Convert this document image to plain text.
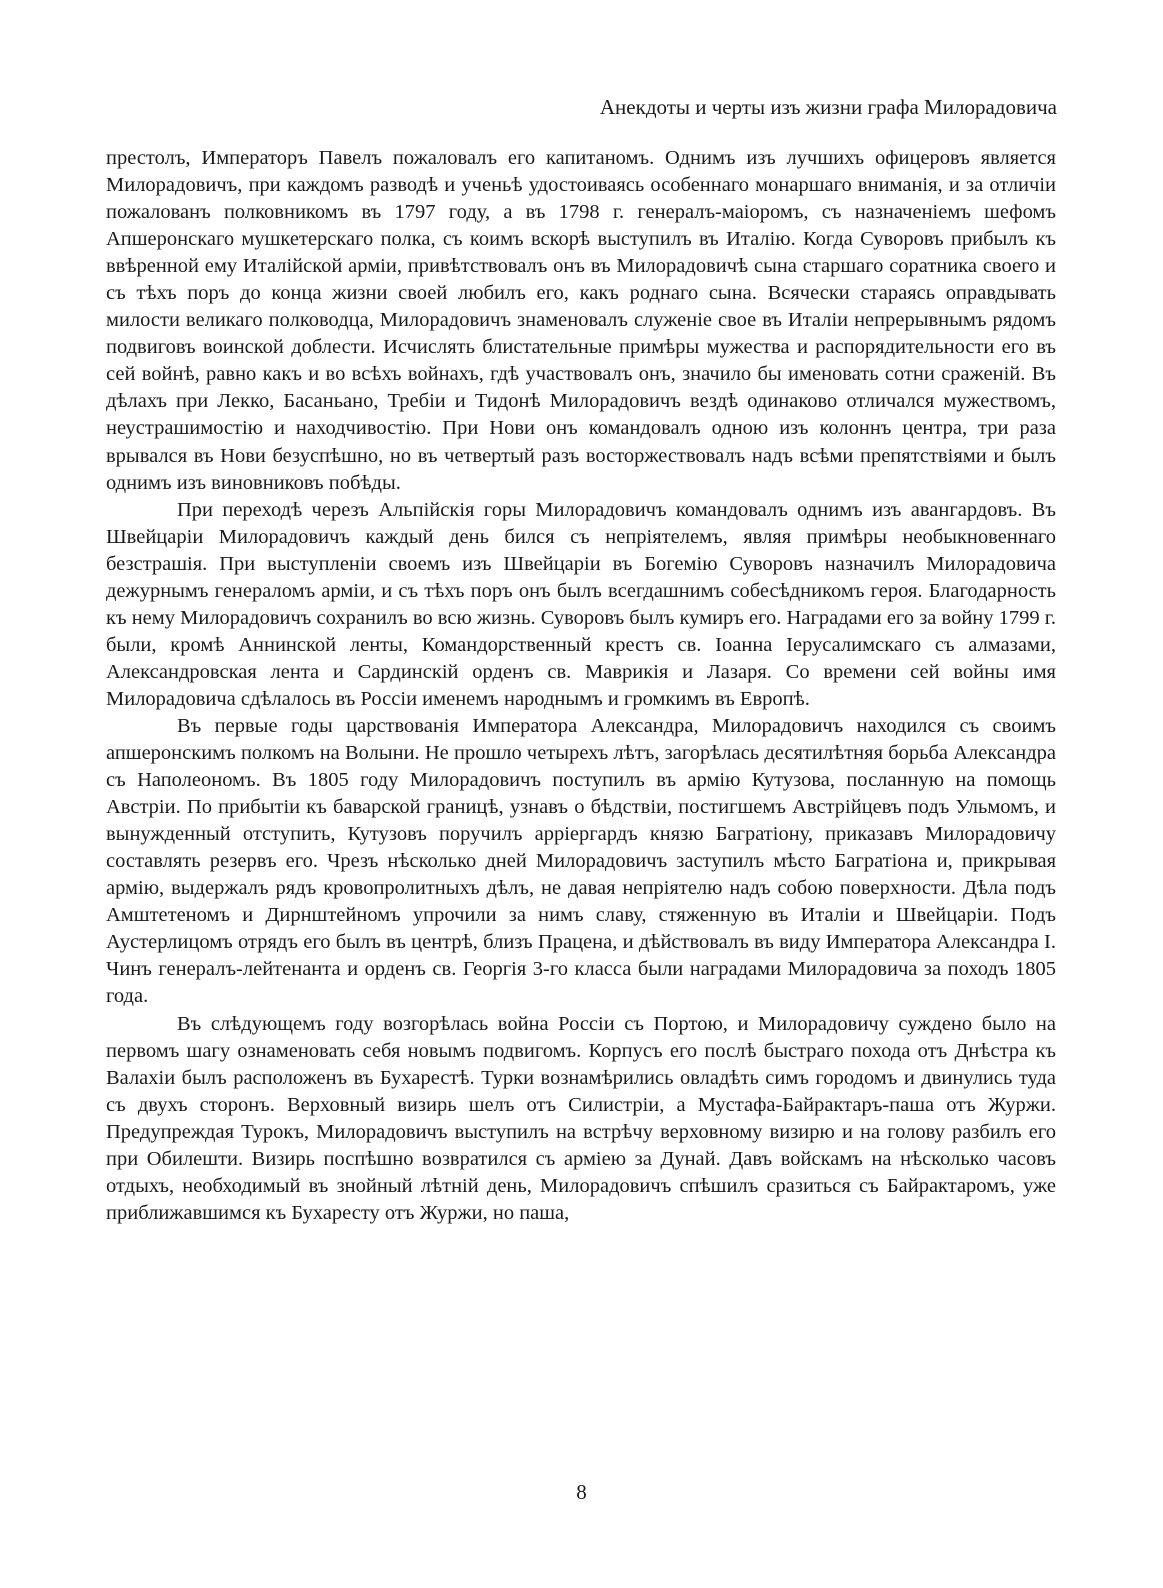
Анекдоты и черты изъ жизни графа Милорадовича

престолъ, Императоръ Павелъ пожаловалъ его капитаномъ. Однимъ изъ лучшихъ офицеровъ является Милорадовичъ, при каждомъ разводѣ и ученьѣ удостоиваясь особеннаго монаршаго вниманія, и за отличіи пожалованъ полковникомъ въ 1797 году, а въ 1798 г. генералъ-маіоромъ, съ назначеніемъ шефомъ Апшеронскаго мушкетерскаго полка, съ коимъ вскорѣ выступилъ въ Италію. Когда Суворовъ прибылъ къ ввѣренной ему Италійской арміи, привѣтствовалъ онъ въ Милорадовичѣ сына старшаго соратника своего и съ тѣхъ поръ до конца жизни своей любилъ его, какъ роднаго сына. Всячески стараясь оправдывать милости великаго полководца, Милорадовичъ знаменовалъ служеніе свое въ Италіи непрерывнымъ рядомъ подвиговъ воинской доблести. Исчислять блистательные примѣры мужества и распорядительности его въ сей войнѣ, равно какъ и во всѣхъ войнахъ, гдѣ участвовалъ онъ, значило бы именовать сотни сраженій. Въ дѣлахъ при Лекко, Басаньано, Требіи и Тидонѣ Милорадовичъ вездѣ одинаково отличался мужествомъ, неустрашимостію и находчивостію. При Нови онъ командовалъ одною изъ колоннъ центра, три раза врывался въ Нови безуспѣшно, но въ четвертый разъ восторжествовалъ надъ всѣми препятствіями и былъ однимъ изъ виновниковъ побѣды.

При переходѣ черезъ Альпійскія горы Милорадовичъ командовалъ однимъ изъ авангардовъ. Въ Швейцаріи Милорадовичъ каждый день бился съ непріятелемъ, являя примѣры необыкновеннаго безстрашія. При выступленіи своемъ изъ Швейцаріи въ Богемію Суворовъ назначилъ Милорадовича дежурнымъ генераломъ арміи, и съ тѣхъ поръ онъ былъ всегдашнимъ собесѣдникомъ героя. Благодарность къ нему Милорадовичъ сохранилъ во всю жизнь. Суворовъ былъ кумиръ его. Наградами его за войну 1799 г. были, кромѣ Аннинской ленты, Командорственный крестъ св. Іоанна Іерусалимскаго съ алмазами, Александровская лента и Сардинскій орденъ св. Маврикія и Лазаря. Со времени сей войны имя Милорадовича сдѣлалось въ Россіи именемъ народнымъ и громкимъ въ Европѣ.

Въ первые годы царствованія Императора Александра, Милорадовичъ находился съ своимъ апшеронскимъ полкомъ на Волыни. Не прошло четырехъ лѣтъ, загорѣлась десятилѣтняя борьба Александра съ Наполеономъ. Въ 1805 году Милорадовичъ поступилъ въ армію Кутузова, посланную на помощь Австріи. По прибытіи къ баварской границѣ, узнавъ о бѣдствіи, постигшемъ Австрійцевъ подъ Ульмомъ, и вынужденный отступить, Кутузовъ поручилъ арріергардъ князю Багратіону, приказавъ Милорадовичу составлять резервъ его. Чрезъ нѣсколько дней Милорадовичъ заступилъ мѣсто Багратіона и, прикрывая армію, выдержалъ рядъ кровопролитныхъ дѣлъ, не давая непріятелю надъ собою поверхности. Дѣла подъ Амштетеномъ и Дирнштейномъ упрочили за нимъ славу, стяженную въ Италіи и Швейцаріи. Подъ Аустерлицомъ отрядъ его былъ въ центрѣ, близъ Працена, и дѣйствовалъ въ виду Императора Александра I. Чинъ генералъ-лейтенанта и орденъ св. Георгія 3-го класса были наградами Милорадовича за походъ 1805 года.

Въ слѣдующемъ году возгорѣлась война Россіи съ Портою, и Милорадовичу суждено было на первомъ шагу ознаменовать себя новымъ подвигомъ. Корпусъ его послѣ быстраго похода отъ Днѣстра къ Валахіи былъ расположенъ въ Бухарестѣ. Турки вознамѣрились овладѣть симъ городомъ и двинулись туда съ двухъ сторонъ. Верховный визирь шелъ отъ Силистріи, а Мустафа-Байрактаръ-паша отъ Журжи. Предупреждая Турокъ, Милорадовичъ выступилъ на встрѣчу верховному визирю и на голову разбилъ его при Обилешти. Визирь поспѣшно возвратился съ арміею за Дунай. Давъ войскамъ на нѣсколько часовъ отдыхъ, необходимый въ знойный лѣтній день, Милорадовичъ спѣшилъ сразиться съ Байрактаромъ, уже приближавшимся къ Бухаресту отъ Журжи, но паша,

8
